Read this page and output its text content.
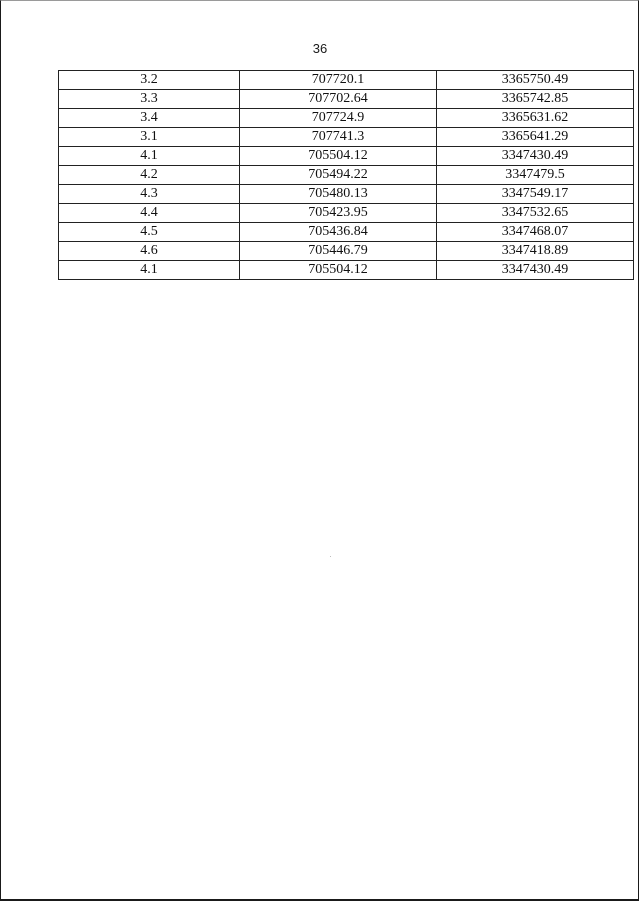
36
3.2	707720.1	3365750.49
3.3	707702.64	3365742.85
3.4	707724.9	3365631.62
3.1	707741.3	3365641.29
4.1	705504.12	3347430.49
4.2	705494.22	3347479.5
4.3	705480.13	3347549.17
4.4	705423.95	3347532.65
4.5	705436.84	3347468.07
4.6	705446.79	3347418.89
4.1	705504.12	3347430.49
